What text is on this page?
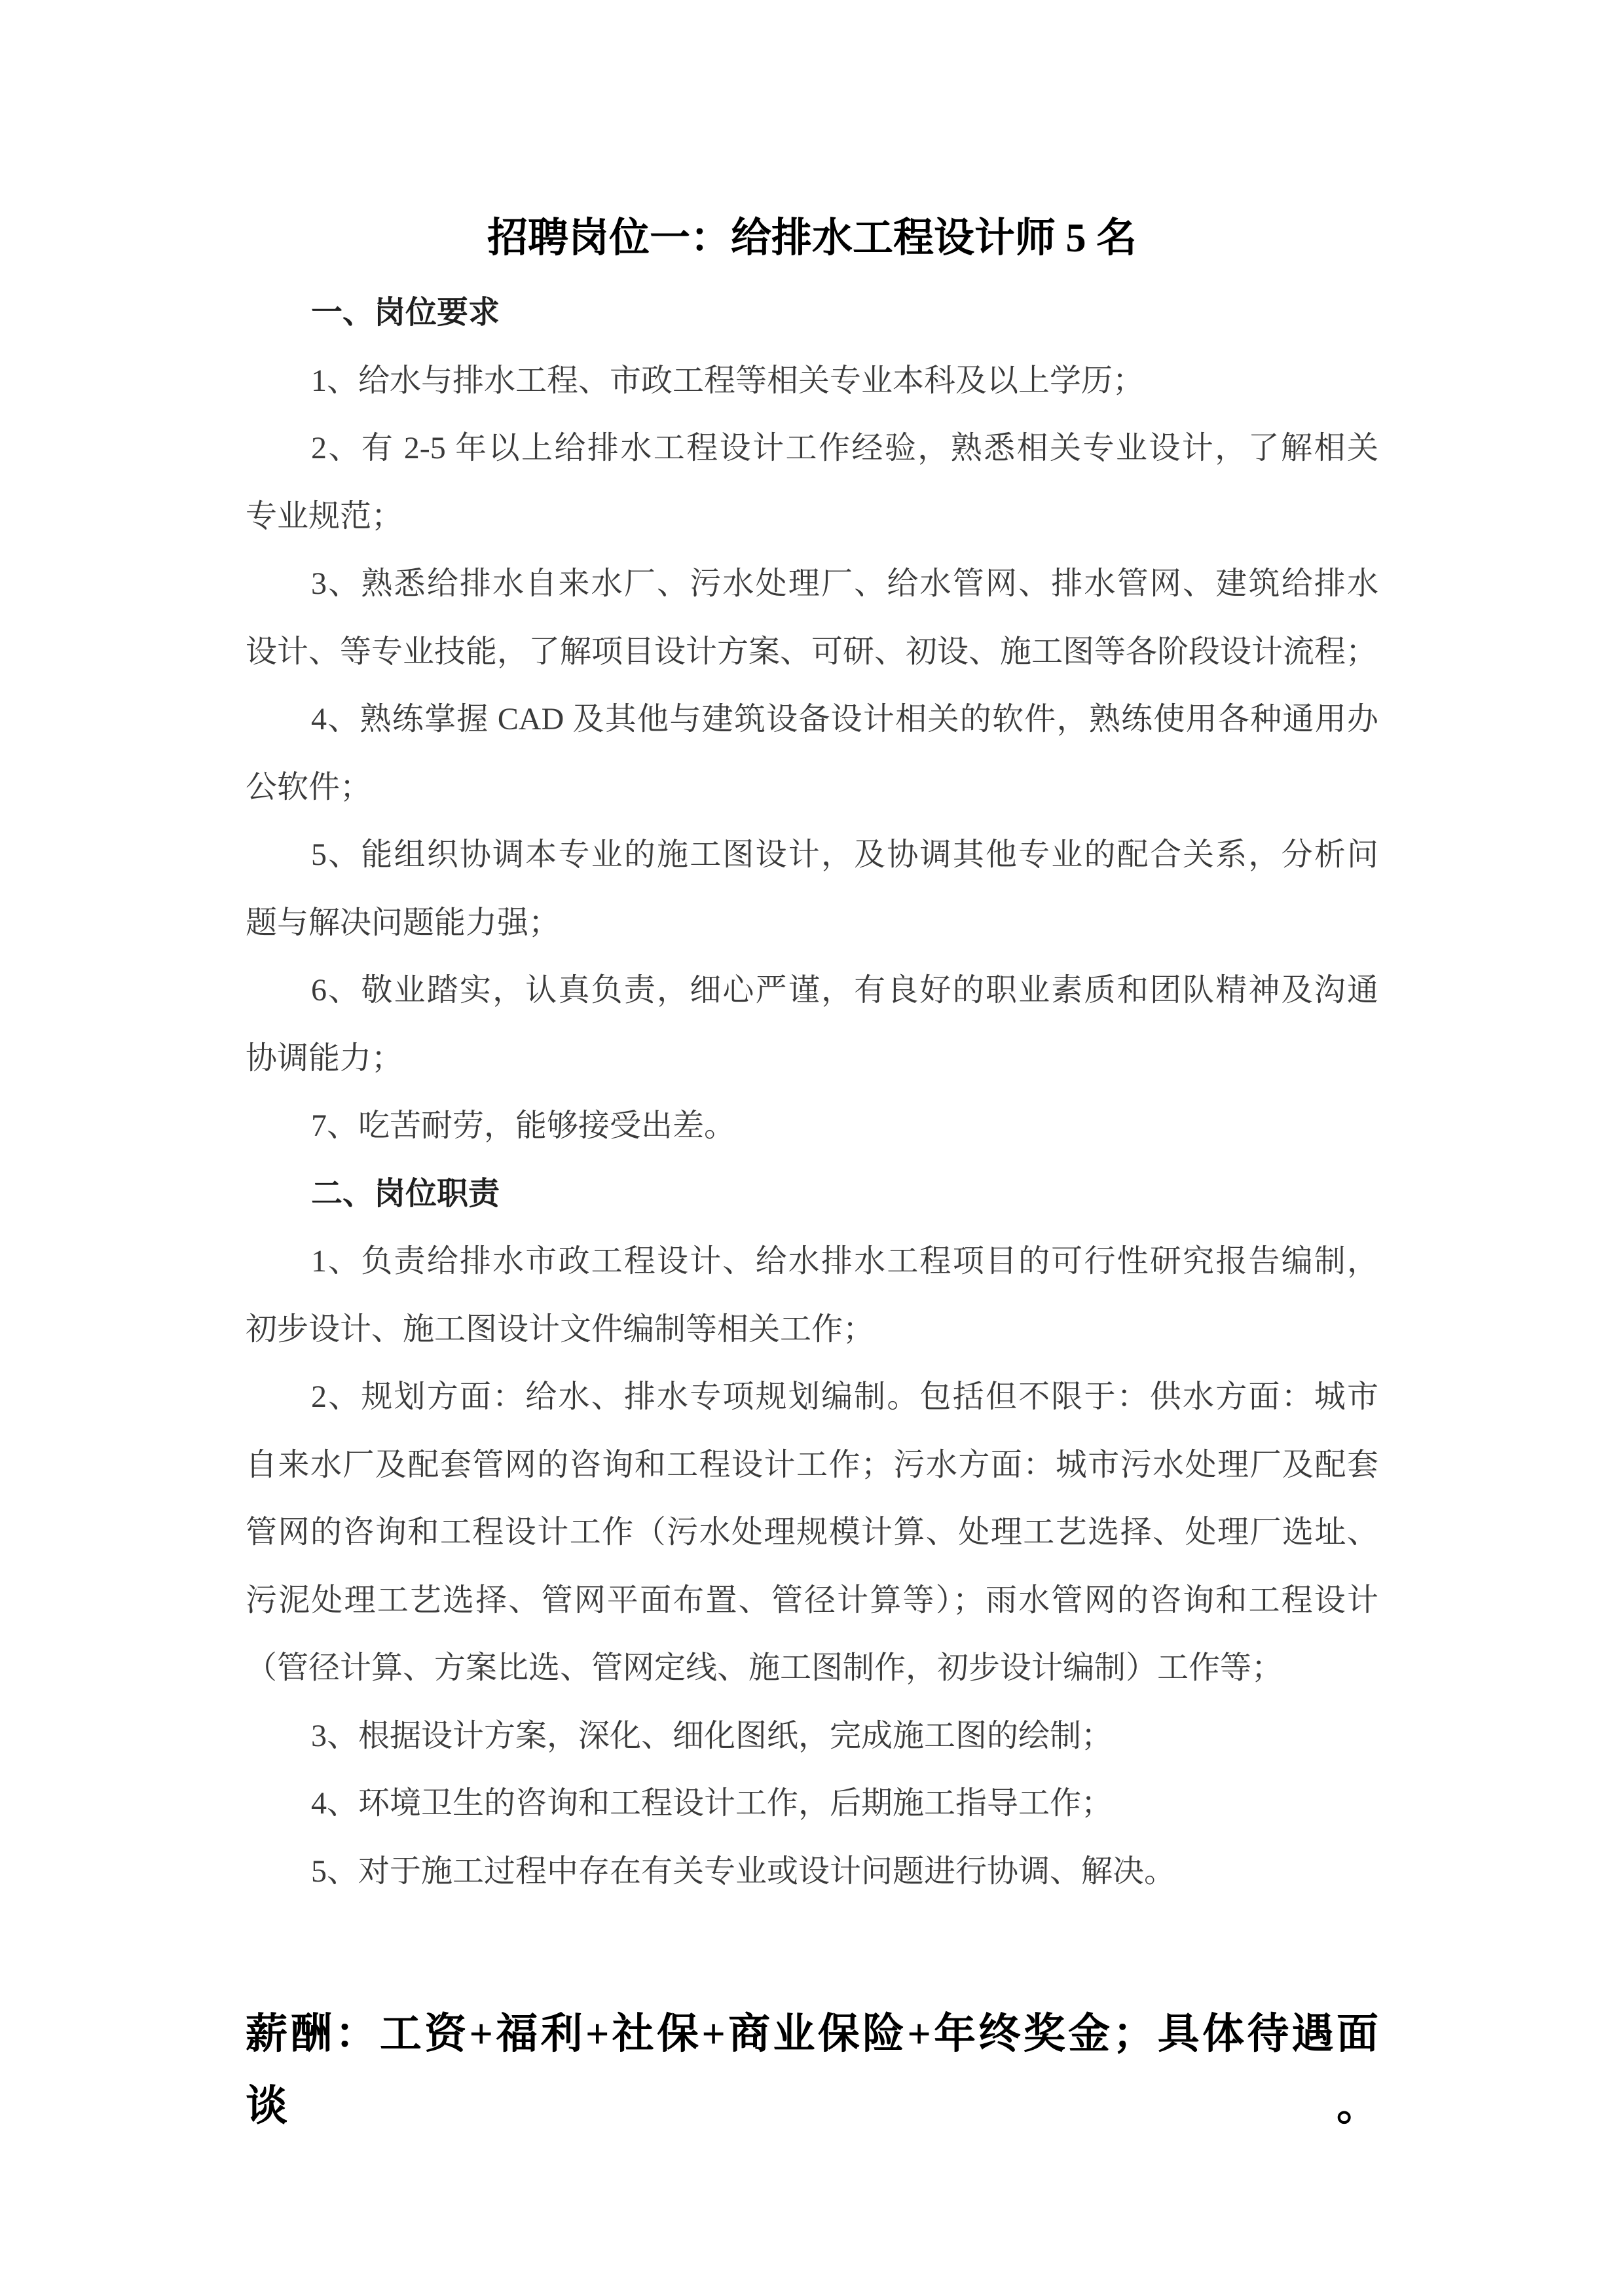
招聘岗位一：给排水工程设计师 5 名
一、岗位要求
1、给水与排水工程、市政工程等相关专业本科及以上学历；
2、有 2-5 年以上给排水工程设计工作经验，熟悉相关专业设计，了解相关
专业规范；
3、熟悉给排水自来水厂、污水处理厂、给水管网、排水管网、建筑给排水
设计、等专业技能，了解项目设计方案、可研、初设、施工图等各阶段设计流程；
4、熟练掌握 CAD 及其他与建筑设备设计相关的软件，熟练使用各种通用办
公软件；
5、能组织协调本专业的施工图设计，及协调其他专业的配合关系，分析问
题与解决问题能力强；
6、敬业踏实，认真负责，细心严谨，有良好的职业素质和团队精神及沟通
协调能力；
7、吃苦耐劳，能够接受出差。
二、岗位职责
1、负责给排水市政工程设计、给水排水工程项目的可行性研究报告编制，
初步设计、施工图设计文件编制等相关工作；
2、规划方面：给水、排水专项规划编制。包括但不限于：供水方面：城市
自来水厂及配套管网的咨询和工程设计工作；污水方面：城市污水处理厂及配套
管网的咨询和工程设计工作（污水处理规模计算、处理工艺选择、处理厂选址、
污泥处理工艺选择、管网平面布置、管径计算等）；雨水管网的咨询和工程设计
（管径计算、方案比选、管网定线、施工图制作，初步设计编制）工作等；
3、根据设计方案，深化、细化图纸，完成施工图的绘制；
4、环境卫生的咨询和工程设计工作，后期施工指导工作；
5、对于施工过程中存在有关专业或设计问题进行协调、解决。
薪酬：工资+福利+社保+商业保险+年终奖金；具体待遇面谈。
